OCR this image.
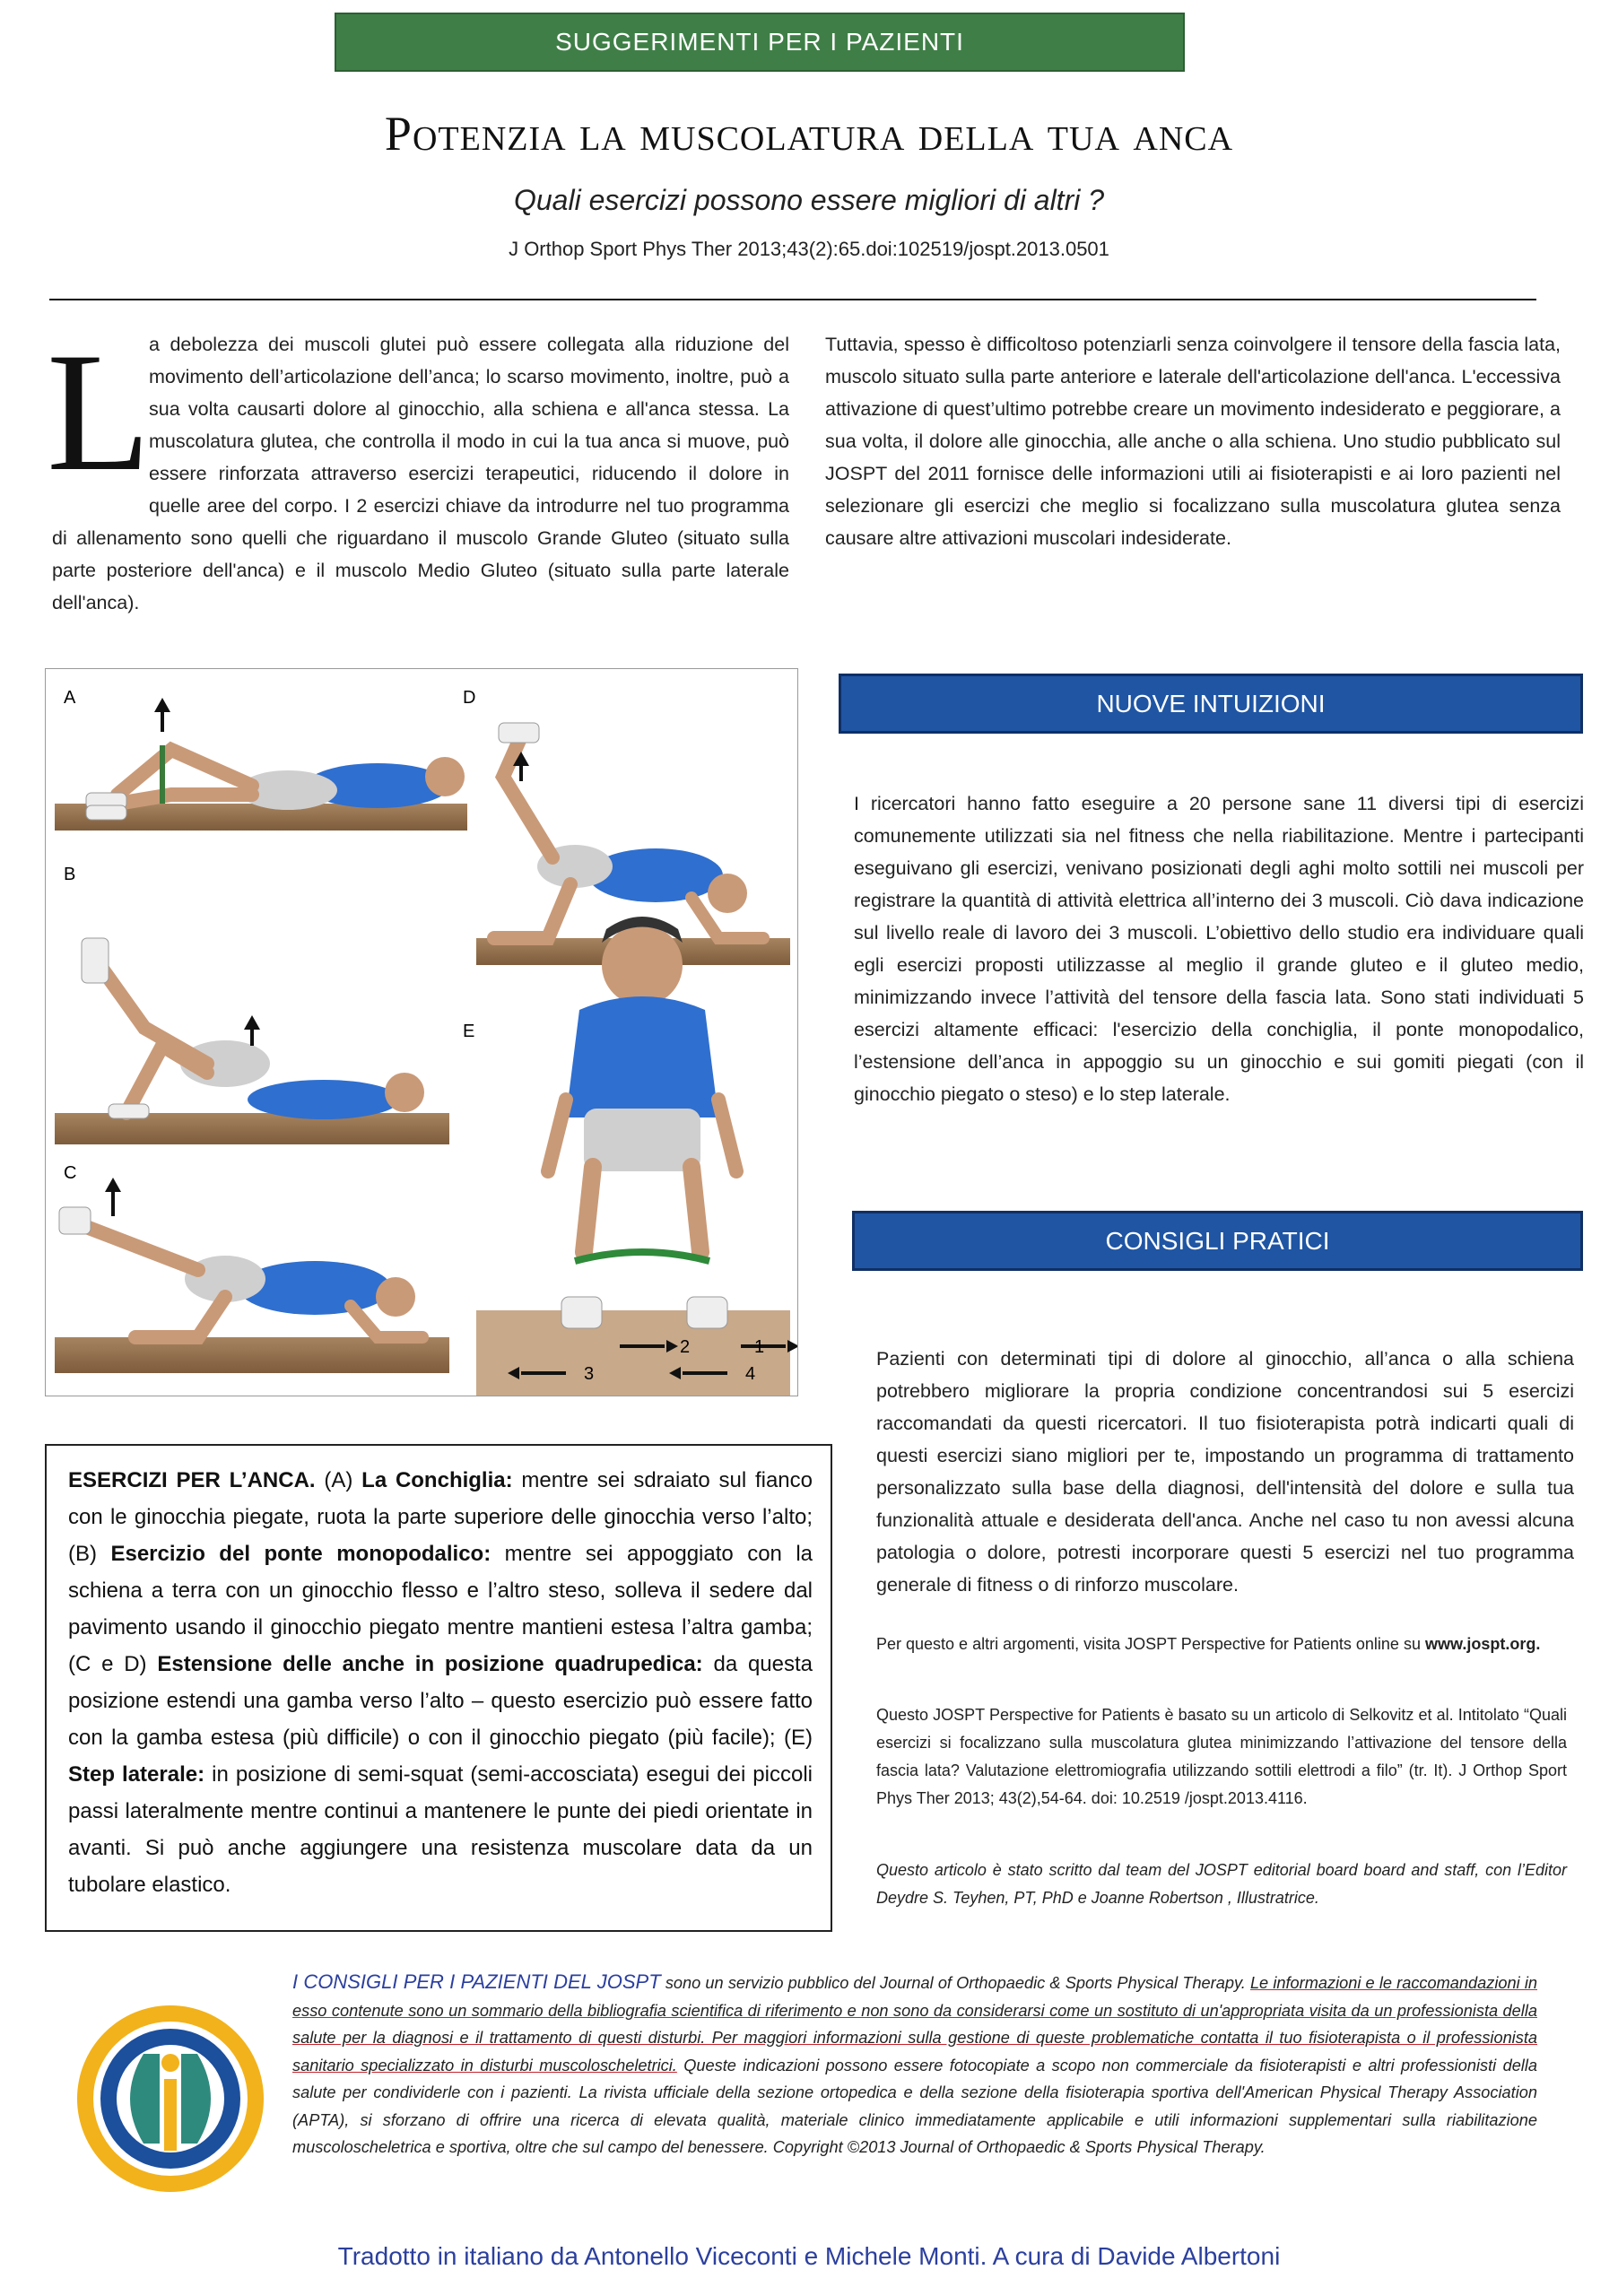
SUGGERIMENTI PER I PAZIENTI
Potenzia la muscolatura della tua anca
Quali esercizi possono essere migliori di altri ?
J Orthop Sport Phys Ther 2013;43(2):65.doi:102519/jospt.2013.0501
L
a debolezza dei muscoli glutei può essere collegata alla riduzione del movimento dell’articolazione dell’anca; lo scarso movimento, inoltre, può a sua volta causarti dolore al ginocchio, alla schiena e all'anca stessa. La muscolatura glutea, che controlla il modo in cui la tua anca si muove, può essere rinforzata attraverso esercizi terapeutici, riducendo il dolore in quelle aree del corpo. I 2 esercizi chiave da introdurre nel tuo programma di allenamento sono quelli che riguardano il muscolo Grande Gluteo (situato sulla parte posteriore dell'anca) e il muscolo Medio Gluteo (situato sulla parte laterale dell'anca).
Tuttavia, spesso è difficoltoso potenziarli senza coinvolgere il tensore della fascia lata, muscolo situato sulla parte anteriore e laterale dell'articolazione dell'anca. L'eccessiva attivazione di quest’ultimo potrebbe creare un movimento indesiderato e peggiorare, a sua volta, il dolore alle ginocchia, alle anche o alla schiena. Uno studio pubblicato sul JOSPT del 2011 fornisce delle informazioni utili ai fisioterapisti e ai loro pazienti nel selezionare gli esercizi che meglio si focalizzano sulla muscolatura glutea senza causare altre attivazioni muscolari indesiderate.
A
B
C
D
E
2	1
3	4
NUOVE INTUIZIONI
I ricercatori hanno fatto eseguire a 20 persone sane 11 diversi tipi di esercizi comunemente utilizzati sia nel fitness che nella riabilitazione. Mentre i partecipanti eseguivano gli esercizi, venivano posizionati degli aghi molto sottili nei muscoli per registrare la quantità di attività elettrica all’interno dei 3 muscoli. Ciò dava indicazione sul livello reale di lavoro dei 3 muscoli. L’obiettivo dello studio era individuare quali egli esercizi proposti utilizzasse al meglio il grande gluteo e il gluteo medio, minimizzando invece l’attività del tensore della fascia lata. Sono stati individuati 5 esercizi altamente efficaci: l'esercizio della conchiglia, il ponte monopodalico, l’estensione dell’anca in appoggio su un ginocchio e sui gomiti piegati (con il ginocchio piegato o steso) e lo step laterale.
CONSIGLI PRATICI
Pazienti con determinati tipi di dolore al ginocchio, all’anca o alla schiena potrebbero migliorare la propria condizione concentrandosi sui 5 esercizi raccomandati da questi ricercatori. Il tuo fisioterapista potrà indicarti quali di questi esercizi siano migliori per te, impostando un programma di trattamento personalizzato sulla base della diagnosi, dell'intensità del dolore e sulla tua funzionalità attuale e desiderata dell'anca. Anche nel caso tu non avessi alcuna patologia o dolore, potresti incorporare questi 5 esercizi nel tuo programma generale di fitness o di rinforzo muscolare.
ESERCIZI PER L’ANCA. (A) La Conchiglia: mentre sei sdraiato sul fianco con le ginocchia piegate, ruota la parte superiore delle ginocchia verso l’alto; (B) Esercizio del ponte monopodalico: mentre sei appoggiato con la schiena a terra con un ginocchio flesso e l’altro steso, solleva il sedere dal pavimento usando il ginocchio piegato mentre mantieni estesa l’altra gamba; (C e D) Estensione delle anche in posizione quadrupedica: da questa posizione estendi una gamba verso l’alto – questo esercizio può essere fatto con la gamba estesa (più difficile) o con il ginocchio piegato (più facile); (E) Step laterale: in posizione di semi-squat (semi-accosciata) esegui dei piccoli passi lateralmente mentre continui a mantenere le punte dei piedi orientate in avanti. Si può anche aggiungere una resistenza muscolare data da un tubolare elastico.
Per questo e altri argomenti, visita JOSPT Perspective for Patients online su www.jospt.org.
Questo JOSPT Perspective for Patients è basato su un articolo di Selkovitz et al. Intitolato “Quali esercizi si focalizzano sulla muscolatura glutea minimizzando l’attivazione del tensore della fascia lata? Valutazione elettromiografia utilizzando sottili elettrodi a filo” (tr. It). J Orthop Sport Phys Ther 2013; 43(2),54-64. doi: 10.2519 /jospt.2013.4116.
Questo articolo è stato scritto dal team del JOSPT editorial board board and staff, con l’Editor Deydre S. Teyhen, PT, PhD e Joanne Robertson , Illustratrice.
I CONSIGLI PER I PAZIENTI DEL JOSPT sono un servizio pubblico del Journal of Orthopaedic & Sports Physical Therapy. Le informazioni e le raccomandazioni in esso contenute sono un sommario della bibliografia scientifica di riferimento e non sono da considerarsi come un sostituto di un'appropriata visita da un professionista della salute per la diagnosi e il trattamento di questi disturbi. Per maggiori informazioni sulla gestione di queste problematiche contatta il tuo fisioterapista o il professionista sanitario specializzato in disturbi muscoloscheletrici. Queste indicazioni possono essere fotocopiate a scopo non commerciale da fisioterapisti e altri professionisti della salute per condividerle con i pazienti. La rivista ufficiale della sezione ortopedica e della sezione della fisioterapia sportiva dell'American Physical Therapy Association (APTA), si sforzano di offrire una ricerca di elevata qualità, materiale clinico immediatamente applicabile e utili informazioni supplementari sulla riabilitazione muscoloscheletrica e sportiva, oltre che sul campo del benessere. Copyright ©2013 Journal of Orthopaedic & Sports Physical Therapy.
Tradotto in italiano da Antonello Viceconti e Michele Monti. A cura di Davide Albertoni
